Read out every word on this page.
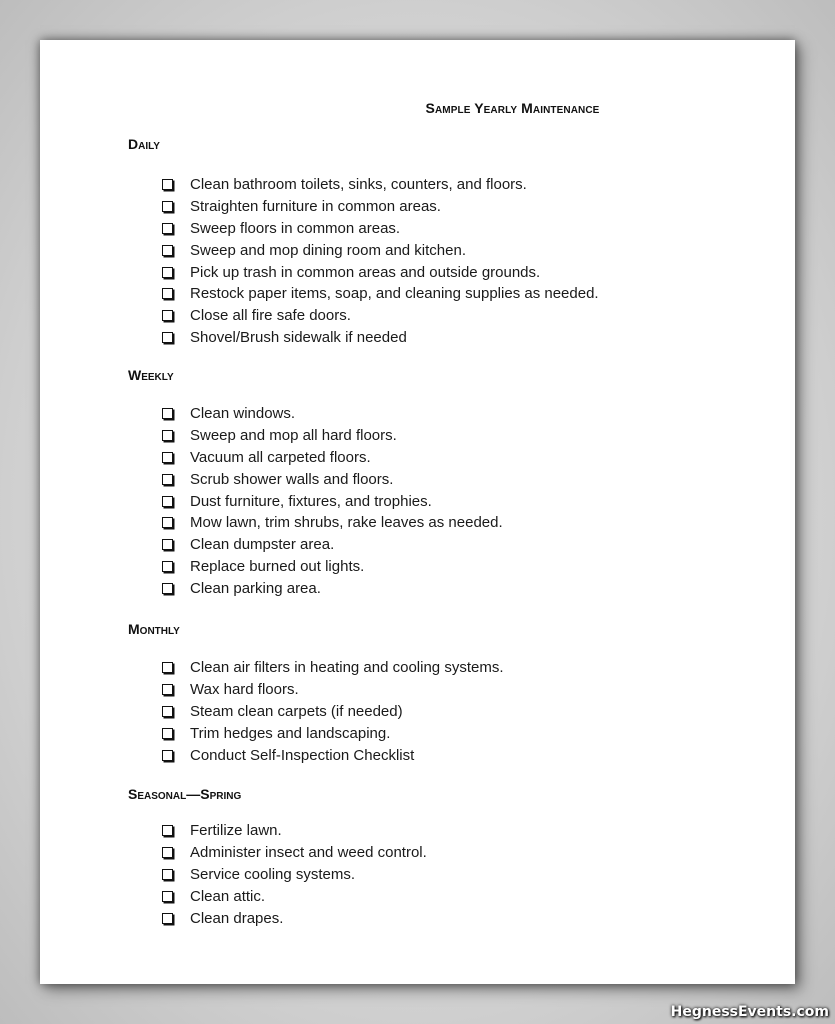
Sample Yearly Maintenance
Daily
Clean bathroom toilets, sinks, counters, and floors.
Straighten furniture in common areas.
Sweep floors in common areas.
Sweep and mop dining room and kitchen.
Pick up trash in common areas and outside grounds.
Restock paper items, soap, and cleaning supplies as needed.
Close all fire safe doors.
Shovel/Brush sidewalk if needed
Weekly
Clean windows.
Sweep and mop all hard floors.
Vacuum all carpeted floors.
Scrub shower walls and floors.
Dust furniture, fixtures, and trophies.
Mow lawn, trim shrubs, rake leaves as needed.
Clean dumpster area.
Replace burned out lights.
Clean parking area.
Monthly
Clean air filters in heating and cooling systems.
Wax hard floors.
Steam clean carpets (if needed)
Trim hedges and landscaping.
Conduct Self-Inspection Checklist
Seasonal—Spring
Fertilize lawn.
Administer insect and weed control.
Service cooling systems.
Clean attic.
Clean drapes.
HegnessEvents.com
